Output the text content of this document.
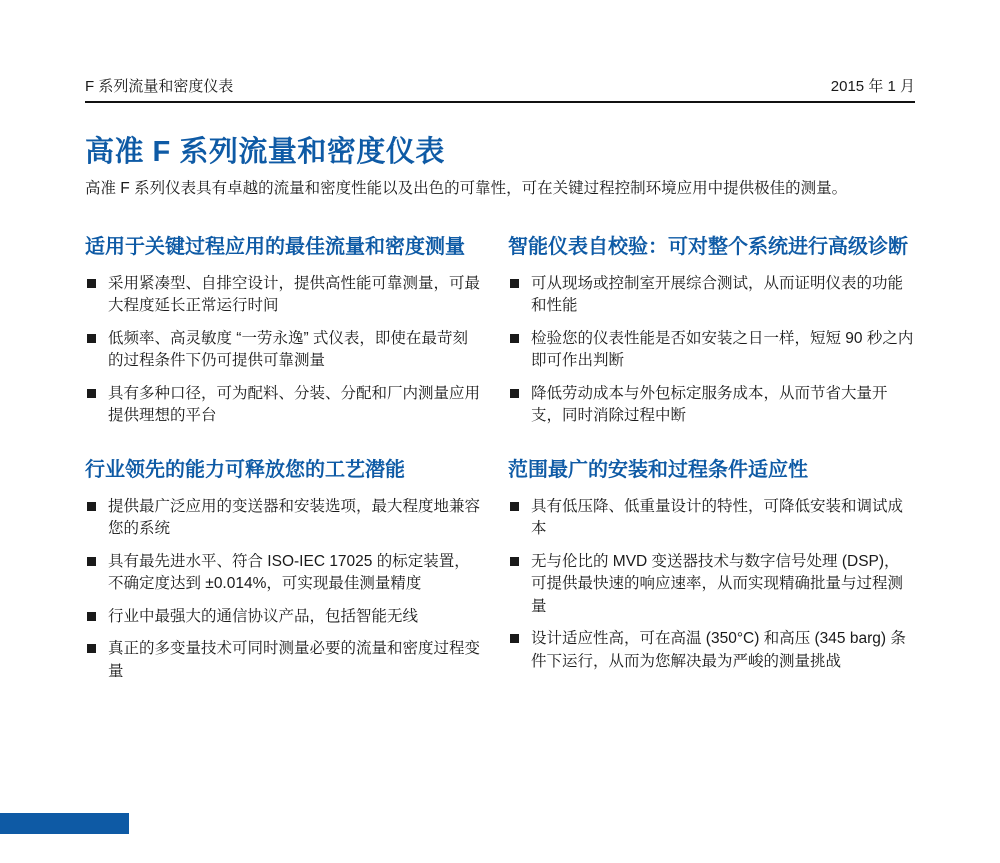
F 系列流量和密度仪表	2015 年 1 月
高准 F 系列流量和密度仪表

高准 F 系列仪表具有卓越的流量和密度性能以及出色的可靠性，可在关键过程控制环境应用中提供极佳的测量。

适用于关键过程应用的最佳流量和密度测量
采用紧凑型、自排空设计，提供高性能可靠测量，可最大程度延长正常运行时间
低频率、高灵敏度 “一劳永逸” 式仪表，即使在最苛刻的过程条件下仍可提供可靠测量
具有多种口径，可为配料、分装、分配和厂内测量应用提供理想的平台
行业领先的能力可释放您的工艺潜能
提供最广泛应用的变送器和安装选项，最大程度地兼容您的系统
具有最先进水平、符合 ISO-IEC 17025 的标定装置，不确定度达到 ±0.014%，可实现最佳测量精度
行业中最强大的通信协议产品，包括智能无线
真正的多变量技术可同时测量必要的流量和密度过程变量
智能仪表自校验：可对整个系统进行高级诊断
可从现场或控制室开展综合测试，从而证明仪表的功能和性能
检验您的仪表性能是否如安装之日一样，短短 90 秒之内即可作出判断
降低劳动成本与外包标定服务成本，从而节省大量开支，同时消除过程中断
范围最广的安装和过程条件适应性
具有低压降、低重量设计的特性，可降低安装和调试成本
无与伦比的 MVD 变送器技术与数字信号处理 (DSP)，可提供最快速的响应速率，从而实现精确批量与过程测量
设计适应性高，可在高温 (350°C) 和高压 (345 barg) 条件下运行，从而为您解决最为严峻的测量挑战
